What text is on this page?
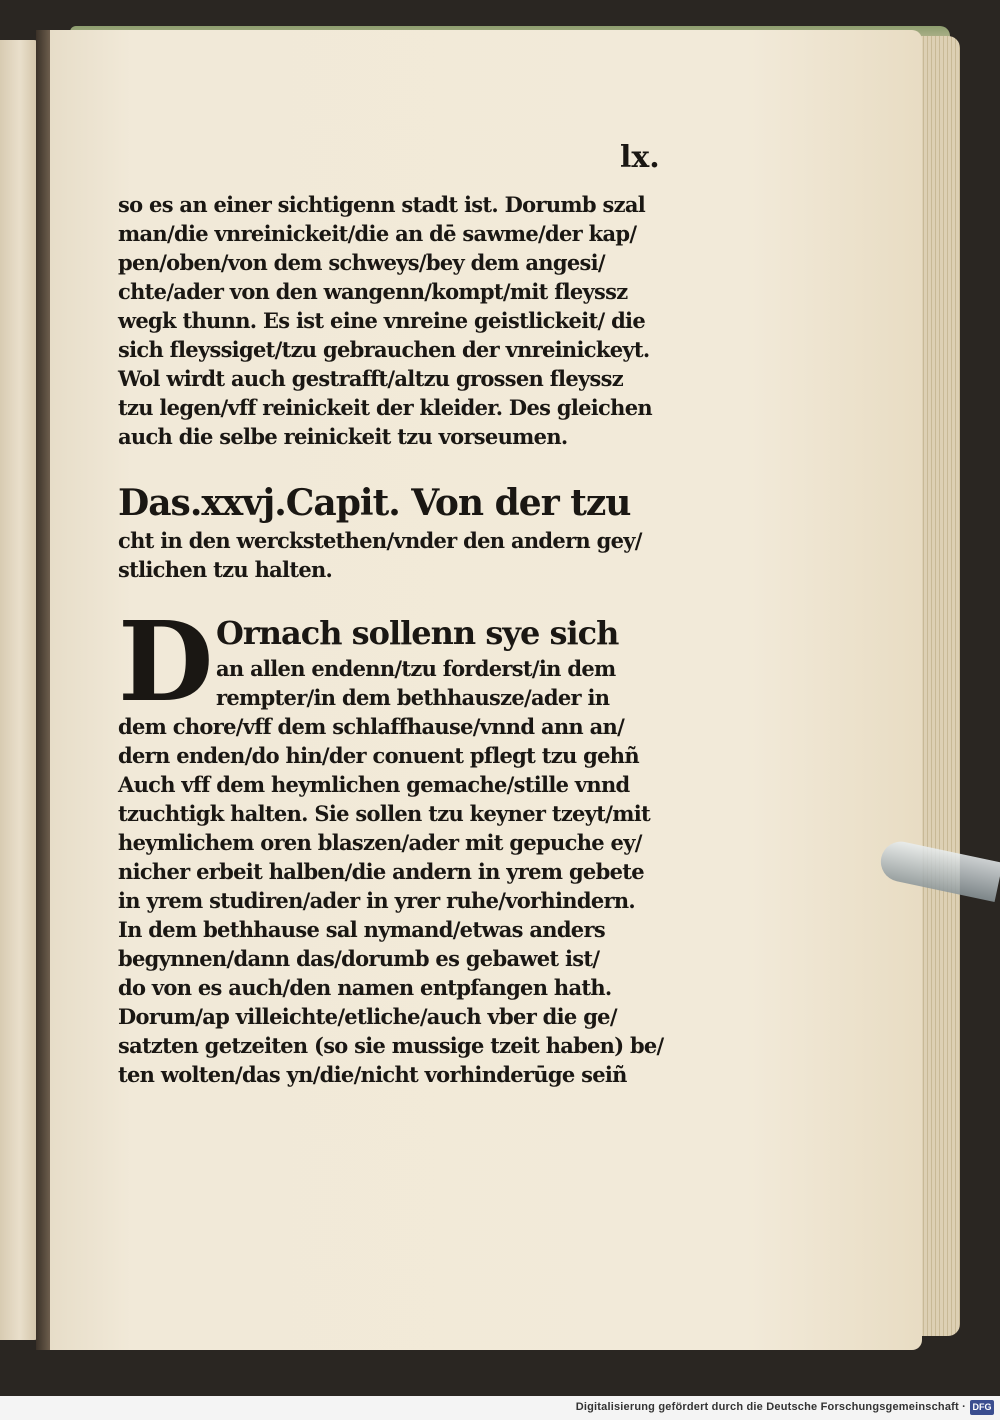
lx.
so es an einer sichtigenn stadt ist. Dorumb szal
man/die vnreinickeit/die an dē sawme/der kap/
pen/oben/von dem schweys/bey dem angesi/
chte/ader von den wangenn/kompt/mit fleyssz
wegk thunn. Es ist eine vnreine geistlickeit/ die
sich fleyssiget/tzu gebrauchen der vnreinickeyt.
Wol wirdt auch gestrafft/altzu grossen fleyssz
tzu legen/vff reinickeit der kleider. Des gleichen
auch die selbe reinickeit tzu vorseumen.
Das.xxvj.Capit. Von der tzu
cht in den werckstethen/vnder den andern gey/
stlichen tzu halten.
D Ornach sollenn sye sich
an allen endenn/tzu forderst/in dem
rempter/in dem bethhausze/ader in
dem chore/vff dem schlaffhause/vnnd ann an/
dern enden/do hin/der conuent pflegt tzu gehñ
Auch vff dem heymlichen gemache/stille vnnd
tzuchtigk halten. Sie sollen tzu keyner tzeyt/mit
heymlichem oren blaszen/ader mit gepuche ey/
nicher erbeit halben/die andern in yrem gebete
in yrem studiren/ader in yrer ruhe/vorhindern.
In dem bethhause sal nymand/etwas anders
begynnen/dann das/dorumb es gebawet ist/
do von es auch/den namen entpfangen hath.
Dorum/ap villeichte/etliche/auch vber die ge/
satzten getzeiten (so sie mussige tzeit haben) be/
ten wolten/das yn/die/nicht vorhinderūge seiñ
Digitalisierung gefördert durch die Deutsche Forschungsgemeinschaft · DFG
